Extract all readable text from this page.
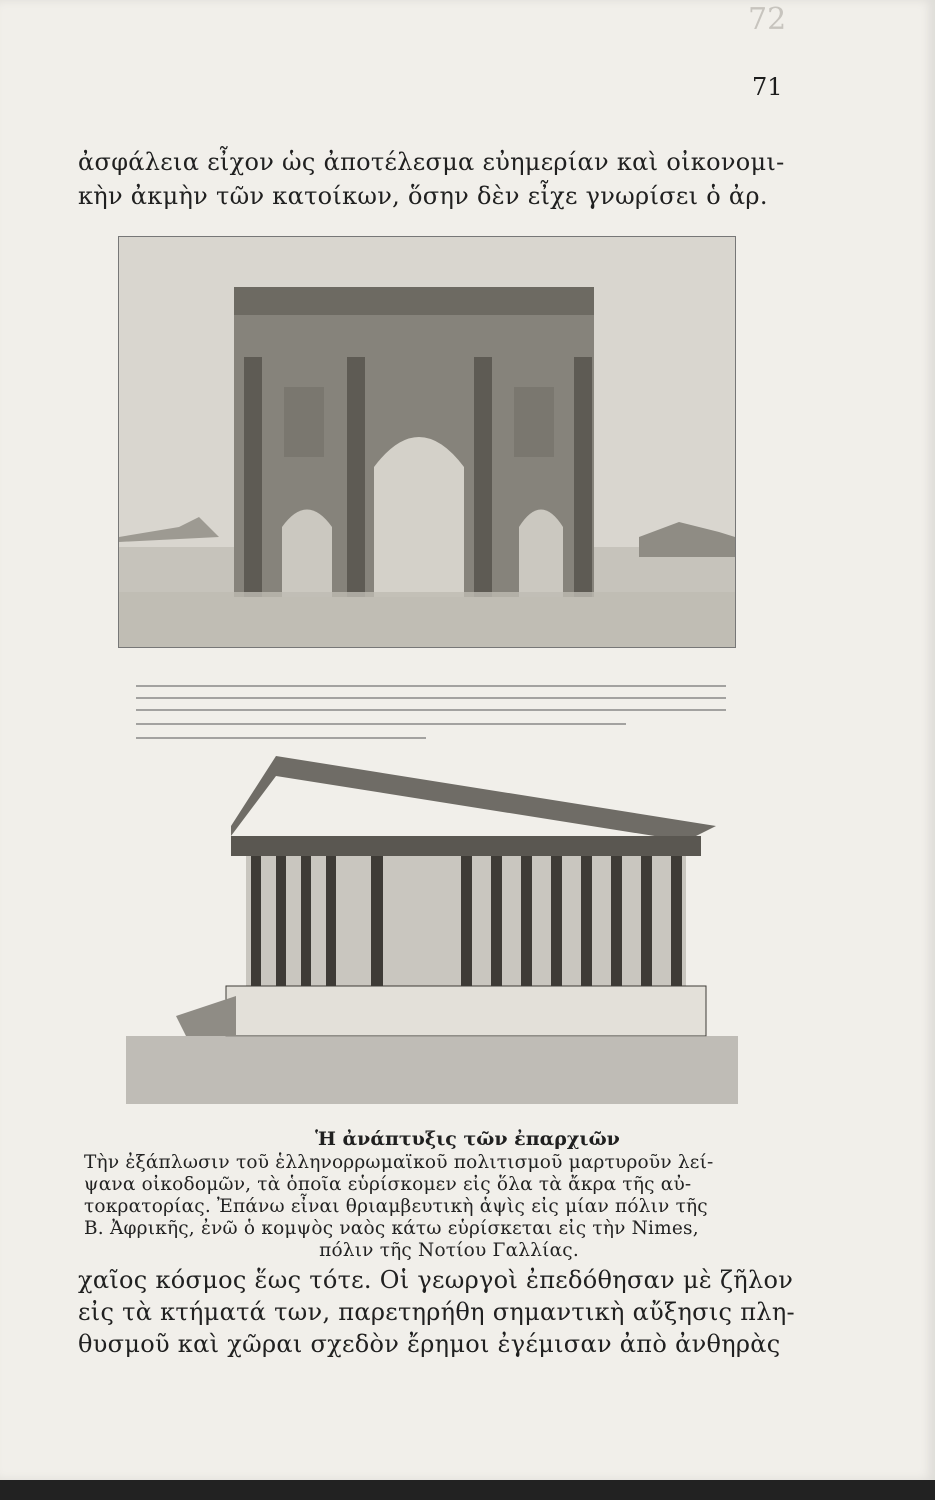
72
71
ἀσφάλεια εἶχον ὡς ἀποτέλεσμα εὐημερίαν καὶ οἰκονομι-
κὴν ἀκμὴν τῶν κατοίκων, ὅσην δὲν εἶχε γνωρίσει ὁ ἀρ.
Ἡ ἀνάπτυξις τῶν ἐπαρχιῶν
Τὴν ἐξάπλωσιν τοῦ ἑλληνορρωμαϊκοῦ πολιτισμοῦ μαρτυροῦν λεί-
ψανα οἰκοδομῶν, τὰ ὁποῖα εὑρίσκομεν εἰς ὅλα τὰ ἄκρα τῆς αὐ-
τοκρατορίας. Ἐπάνω εἶναι θριαμβευτικὴ ἁψὶς εἰς μίαν πόλιν τῆς
Β. Ἀφρικῆς, ἐνῶ ὁ κομψὸς ναὸς κάτω εὑρίσκεται εἰς τὴν Nimes,
πόλιν τῆς Νοτίου Γαλλίας.
χαῖος κόσμος ἕως τότε. Οἱ γεωργοὶ ἐπεδόθησαν μὲ ζῆλον
εἰς τὰ κτήματά των, παρετηρήθη σημαντικὴ αὔξησις πλη-
θυσμοῦ καὶ χῶραι σχεδὸν ἔρημοι ἐγέμισαν ἀπὸ ἀνθηρὰς
